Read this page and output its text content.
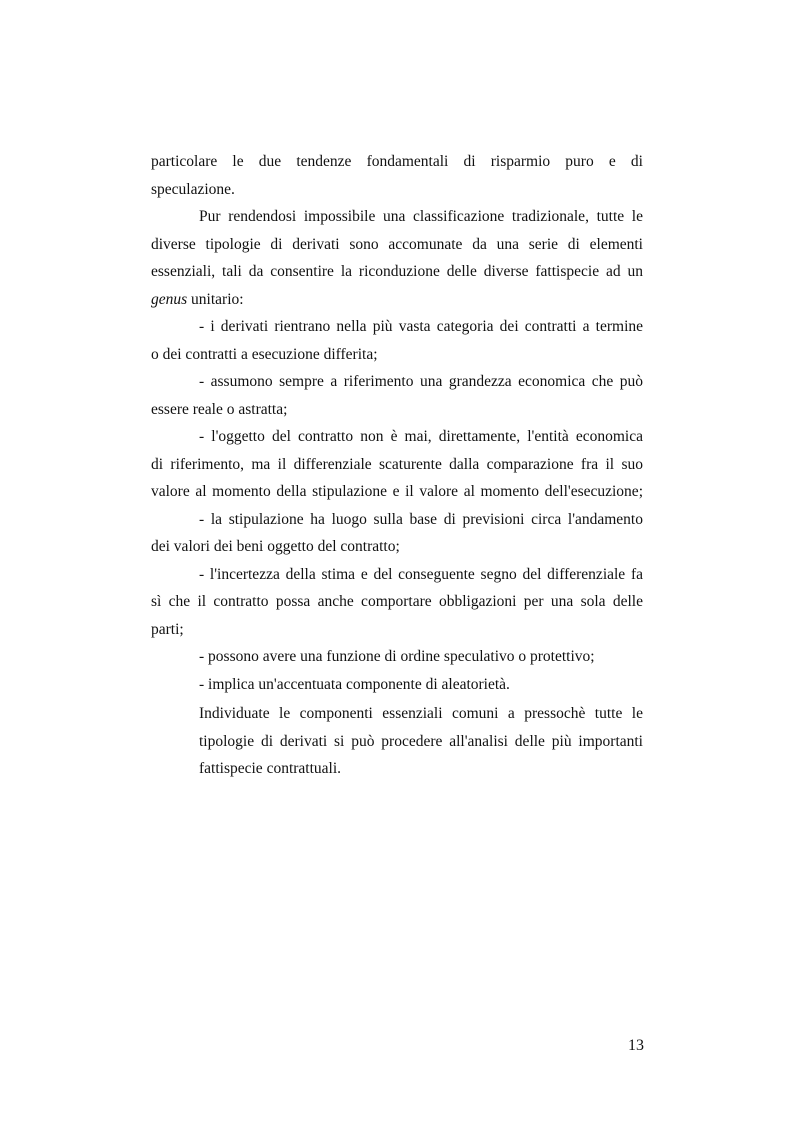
particolare le due tendenze fondamentali di risparmio puro e di
speculazione.
Pur rendendosi impossibile una classificazione tradizionale, tutte le
diverse tipologie di derivati sono accomunate da una serie di elementi
essenziali, tali da consentire la riconduzione delle diverse fattispecie ad un
genus unitario:
- i derivati rientrano nella più vasta categoria dei contratti a termine
o dei contratti a esecuzione differita;
- assumono sempre a riferimento una grandezza economica che può
essere reale o astratta;
- l'oggetto del contratto non è mai, direttamente, l'entità economica
di riferimento, ma il differenziale scaturente dalla comparazione fra il suo
valore al momento della stipulazione e il valore al momento dell'esecuzione;
- la stipulazione ha luogo sulla base di previsioni circa l'andamento
dei valori dei beni oggetto del contratto;
- l'incertezza della stima e del conseguente segno del differenziale fa
sì che il contratto possa anche comportare obbligazioni per una sola delle
parti;
- possono avere una funzione di ordine speculativo o protettivo;
- implica un'accentuata componente di aleatorietà.
Individuate le componenti essenziali comuni a pressochè tutte le
tipologie di derivati si può procedere all'analisi delle più importanti
fattispecie contrattuali.
13
